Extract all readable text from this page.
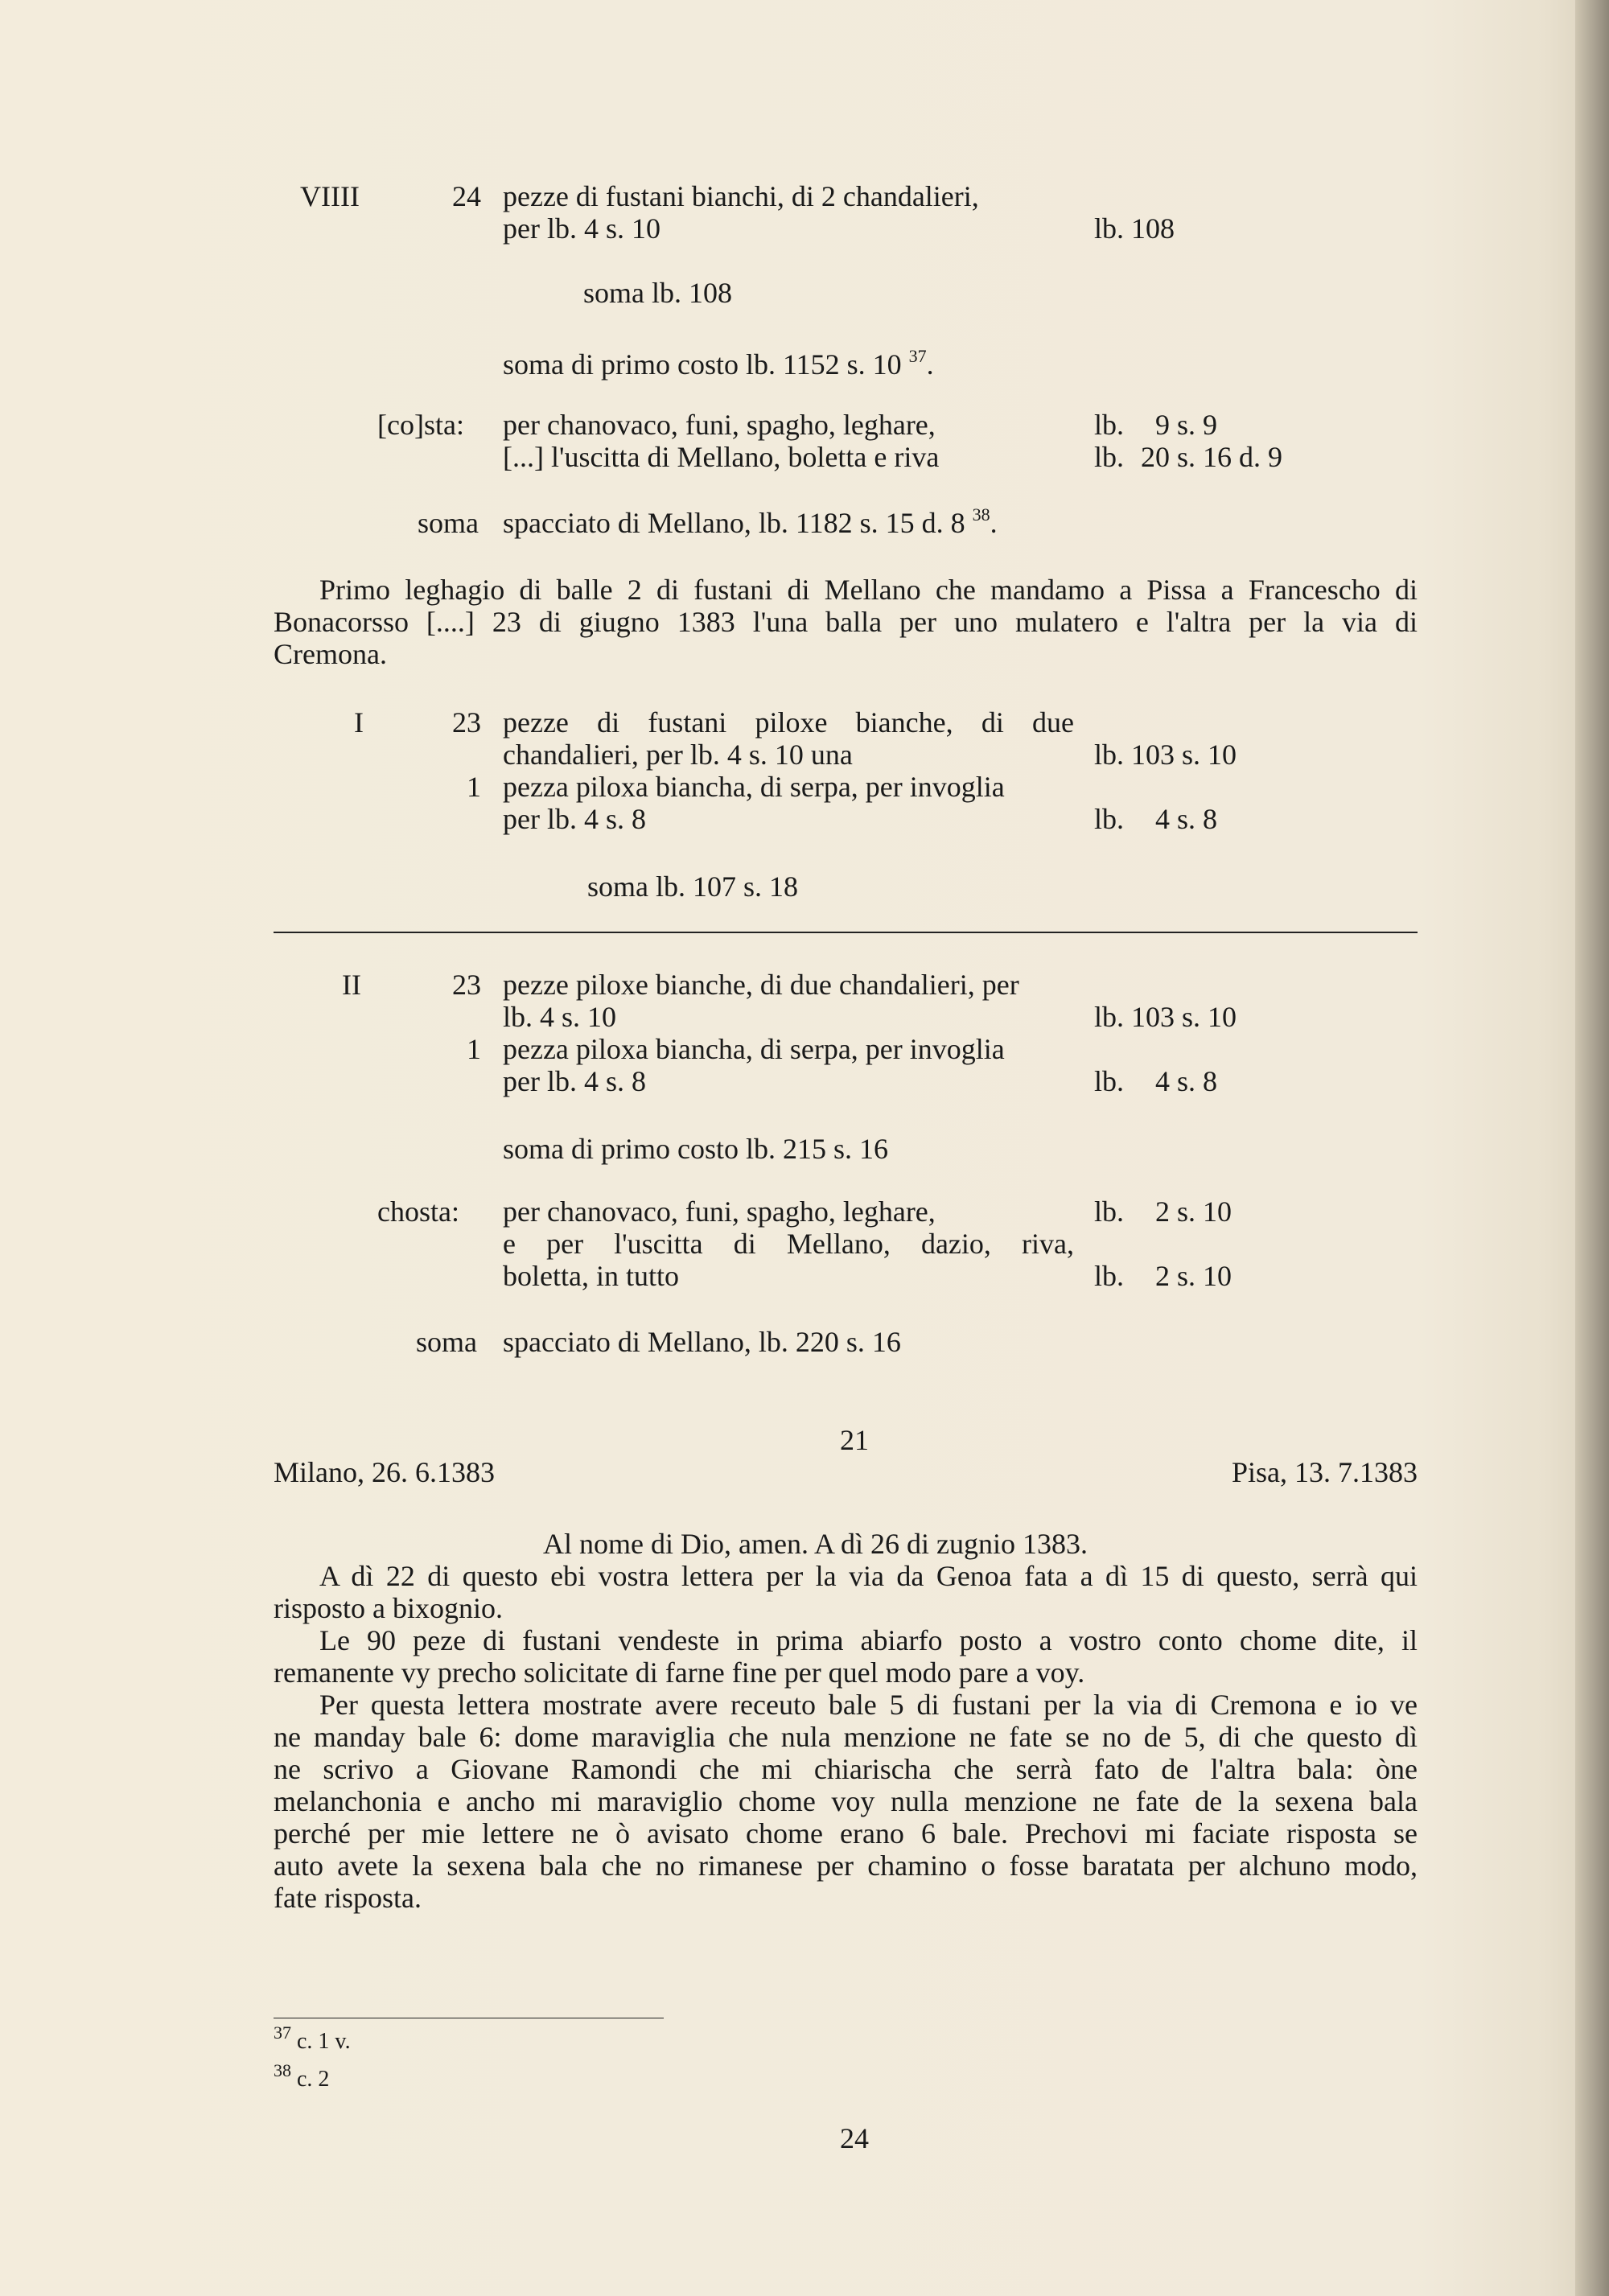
VIIII	24 pezze di fustani bianchi, di 2 chandalieri,
per lb. 4 s. 10	lb. 108
soma lb. 108
soma di primo costo lb. 1152 s. 10 $^{37}$.
[co]sta: per chanovaco, funi, spagho, leghare,	lb. 9 s. 9
[...] l'uscitta di Mellano, boletta e riva	lb. 20 s. 16 d. 9
soma spacciato di Mellano, lb. 1182 s. 15 d. 8 $^{38}$.
Primo leghagio di balle 2 di fustani di Mellano che mandamo a Pissa a Francescho di
Bonacorsso [....] 23 di giugno 1383 l'una balla per uno mulatero e l'altra per la via di
Cremona.
I	23 pezze di fustani piloxe bianche, di due
chandalieri, per lb. 4 s. 10 una	lb. 103 s. 10
1 pezza piloxa biancha, di serpa, per invoglia
per lb. 4 s. 8	lb. 4 s. 8
soma lb. 107 s. 18
II	23 pezze piloxe bianche, di due chandalieri, per
lb. 4 s. 10	lb. 103 s. 10
1 pezza piloxa biancha, di serpa, per invoglia
per lb. 4 s. 8	lb. 4 s. 8
soma di primo costo lb. 215 s. 16
chosta: per chanovaco, funi, spagho, leghare,	lb. 2 s. 10
e per l'uscitta di Mellano, dazio, riva,
boletta, in tutto	lb. 2 s. 10
soma spacciato di Mellano, lb. 220 s. 16
21
Milano, 26. 6.1383	Pisa, 13. 7.1383
Al nome di Dio, amen. A dì 26 di zugnio 1383.
A dì 22 di questo ebi vostra lettera per la via da Genoa fata a dì 15 di questo, serrà qui
risposto a bixognio.
Le 90 peze di fustani vendeste in prima abiarfo posto a vostro conto chome dite, il
remanente vy precho solicitate di farne fine per quel modo pare a voy.
Per questa lettera mostrate avere receuto bale 5 di fustani per la via di Cremona e io ve
ne manday bale 6: dome maraviglia che nula menzione ne fate se no de 5, di che questo dì
ne scrivo a Giovane Ramondi che mi chiarischa che serrà fato de l'altra bala: òne
melanchonia e ancho mi maraviglio chome voy nulla menzione ne fate de la sexena bala
perché per mie lettere ne ò avisato chome erano 6 bale. Prechovi mi faciate risposta se
auto avete la sexena bala che no rimanese per chamino o fosse baratata per alchuno modo,
fate risposta.
$^{37}$ c. 1 v.
$^{38}$ c. 2
24
